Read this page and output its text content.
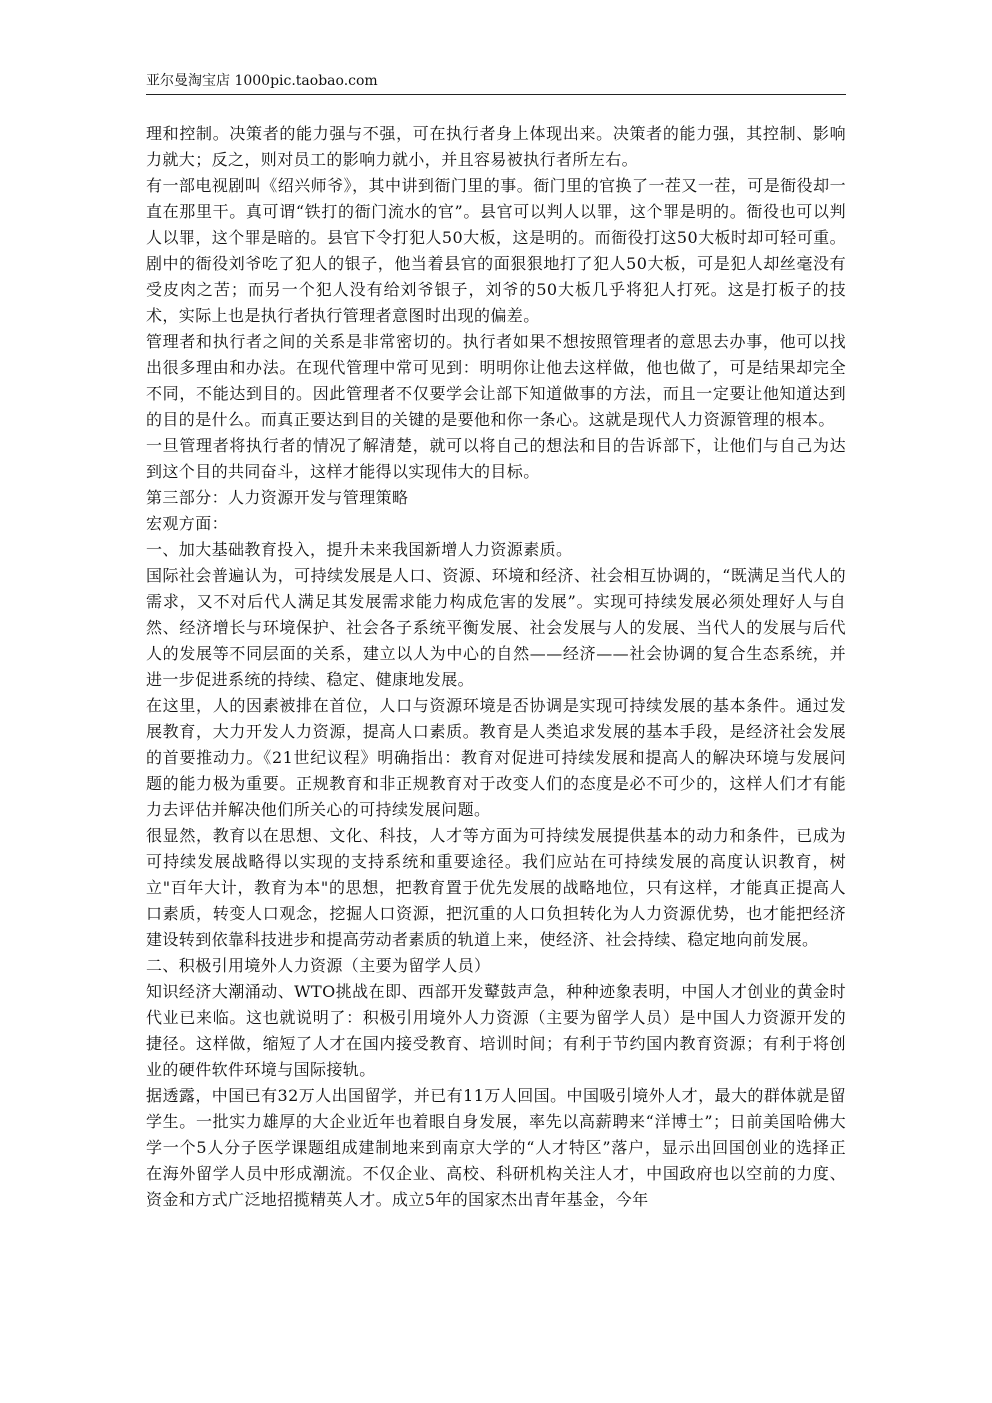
亚尔曼淘宝店 1000pic.taobao.com

理和控制。决策者的能力强与不强，可在执行者身上体现出来。决策者的能力强，其控制、影响力就大；反之，则对员工的影响力就小，并且容易被执行者所左右。

有一部电视剧叫《绍兴师爷》，其中讲到衙门里的事。衙门里的官换了一茬又一茬，可是衙役却一直在那里干。真可谓“铁打的衙门流水的官”。县官可以判人以罪，这个罪是明的。衙役也可以判人以罪，这个罪是暗的。县官下令打犯人50大板，这是明的。而衙役打这50大板时却可轻可重。剧中的衙役刘爷吃了犯人的银子，他当着县官的面狠狠地打了犯人50大板，可是犯人却丝毫没有受皮肉之苦；而另一个犯人没有给刘爷银子，刘爷的50大板几乎将犯人打死。这是打板子的技术，实际上也是执行者执行管理者意图时出现的偏差。

管理者和执行者之间的关系是非常密切的。执行者如果不想按照管理者的意思去办事，他可以找出很多理由和办法。在现代管理中常可见到：明明你让他去这样做，他也做了，可是结果却完全不同，不能达到目的。因此管理者不仅要学会让部下知道做事的方法，而且一定要让他知道达到的目的是什么。而真正要达到目的关键的是要他和你一条心。这就是现代人力资源管理的根本。

一旦管理者将执行者的情况了解清楚，就可以将自己的想法和目的告诉部下，让他们与自己为达到这个目的共同奋斗，这样才能得以实现伟大的目标。

第三部分：人力资源开发与管理策略

宏观方面：

一、加大基础教育投入，提升未来我国新增人力资源素质。

国际社会普遍认为，可持续发展是人口、资源、环境和经济、社会相互协调的，“既满足当代人的需求，又不对后代人满足其发展需求能力构成危害的发展”。实现可持续发展必须处理好人与自然、经济增长与环境保护、社会各子系统平衡发展、社会发展与人的发展、当代人的发展与后代人的发展等不同层面的关系，建立以人为中心的自然——经济——社会协调的复合生态系统，并进一步促进系统的持续、稳定、健康地发展。

在这里，人的因素被排在首位，人口与资源环境是否协调是实现可持续发展的基本条件。通过发展教育，大力开发人力资源，提高人口素质。教育是人类追求发展的基本手段，是经济社会发展的首要推动力。《21世纪议程》明确指出：教育对促进可持续发展和提高人的解决环境与发展问题的能力极为重要。正规教育和非正规教育对于改变人们的态度是必不可少的，这样人们才有能力去评估并解决他们所关心的可持续发展问题。

很显然，教育以在思想、文化、科技，人才等方面为可持续发展提供基本的动力和条件，已成为可持续发展战略得以实现的支持系统和重要途径。我们应站在可持续发展的高度认识教育，树立"百年大计，教育为本"的思想，把教育置于优先发展的战略地位，只有这样，才能真正提高人口素质，转变人口观念，挖掘人口资源，把沉重的人口负担转化为人力资源优势，也才能把经济建设转到依靠科技进步和提高劳动者素质的轨道上来，使经济、社会持续、稳定地向前发展。

二、积极引用境外人力资源（主要为留学人员）

知识经济大潮涌动、WTO挑战在即、西部开发鼙鼓声急，种种迹象表明，中国人才创业的黄金时代业已来临。这也就说明了：积极引用境外人力资源（主要为留学人员）是中国人力资源开发的捷径。这样做，缩短了人才在国内接受教育、培训时间；有利于节约国内教育资源；有利于将创业的硬件软件环境与国际接轨。

据透露，中国已有32万人出国留学，并已有11万人回国。中国吸引境外人才，最大的群体就是留学生。一批实力雄厚的大企业近年也着眼自身发展，率先以高薪聘来“洋博士”；日前美国哈佛大学一个5人分子医学课题组成建制地来到南京大学的“人才特区”落户，显示出回国创业的选择正在海外留学人员中形成潮流。不仅企业、高校、科研机构关注人才，中国政府也以空前的力度、资金和方式广泛地招揽精英人才。成立5年的国家杰出青年基金，今年
